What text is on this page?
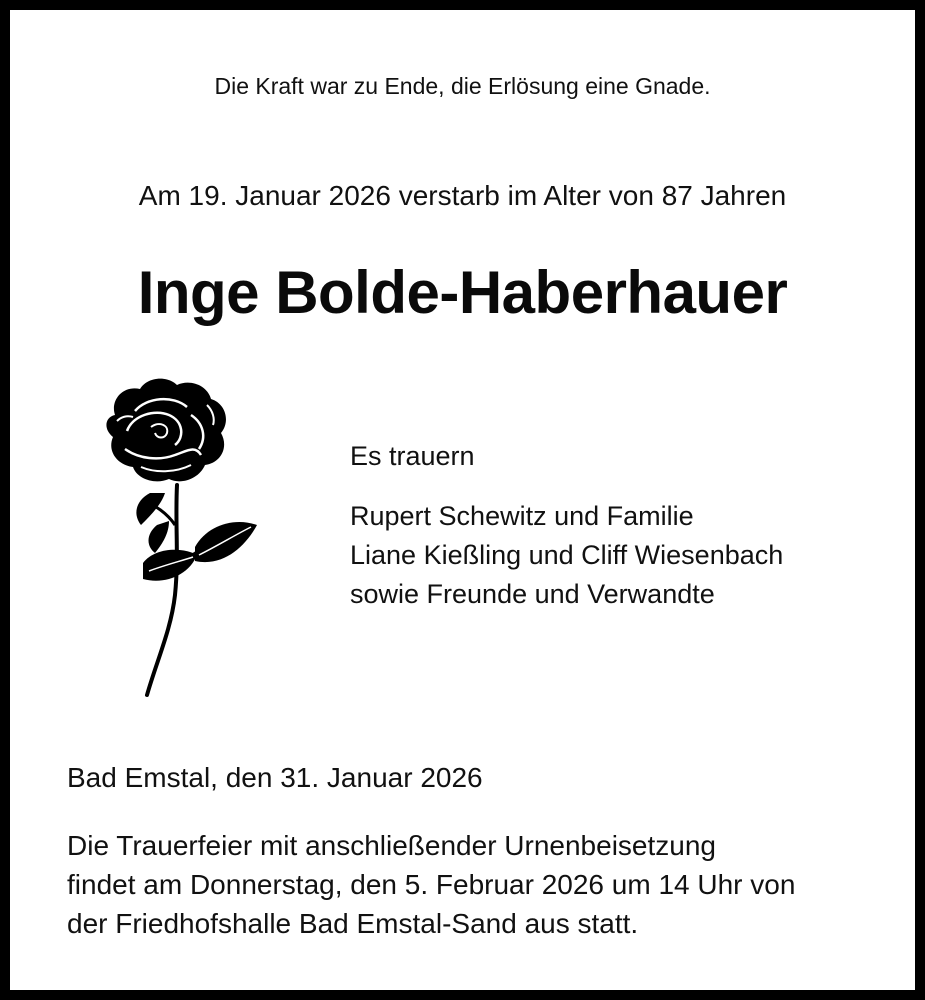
Die Kraft war zu Ende, die Erlösung eine Gnade.
Am 19. Januar 2026 verstarb im Alter von 87 Jahren
Inge Bolde-Haberhauer
Es trauern
Rupert Schewitz und Familie
Liane Kießling und Cliff Wiesenbach
sowie Freunde und Verwandte
Bad Emstal, den 31. Januar 2026
Die Trauerfeier mit anschließender Urnenbeisetzung
findet am Donnerstag, den 5. Februar 2026 um 14 Uhr von
der Friedhofshalle Bad Emstal-Sand aus statt.
